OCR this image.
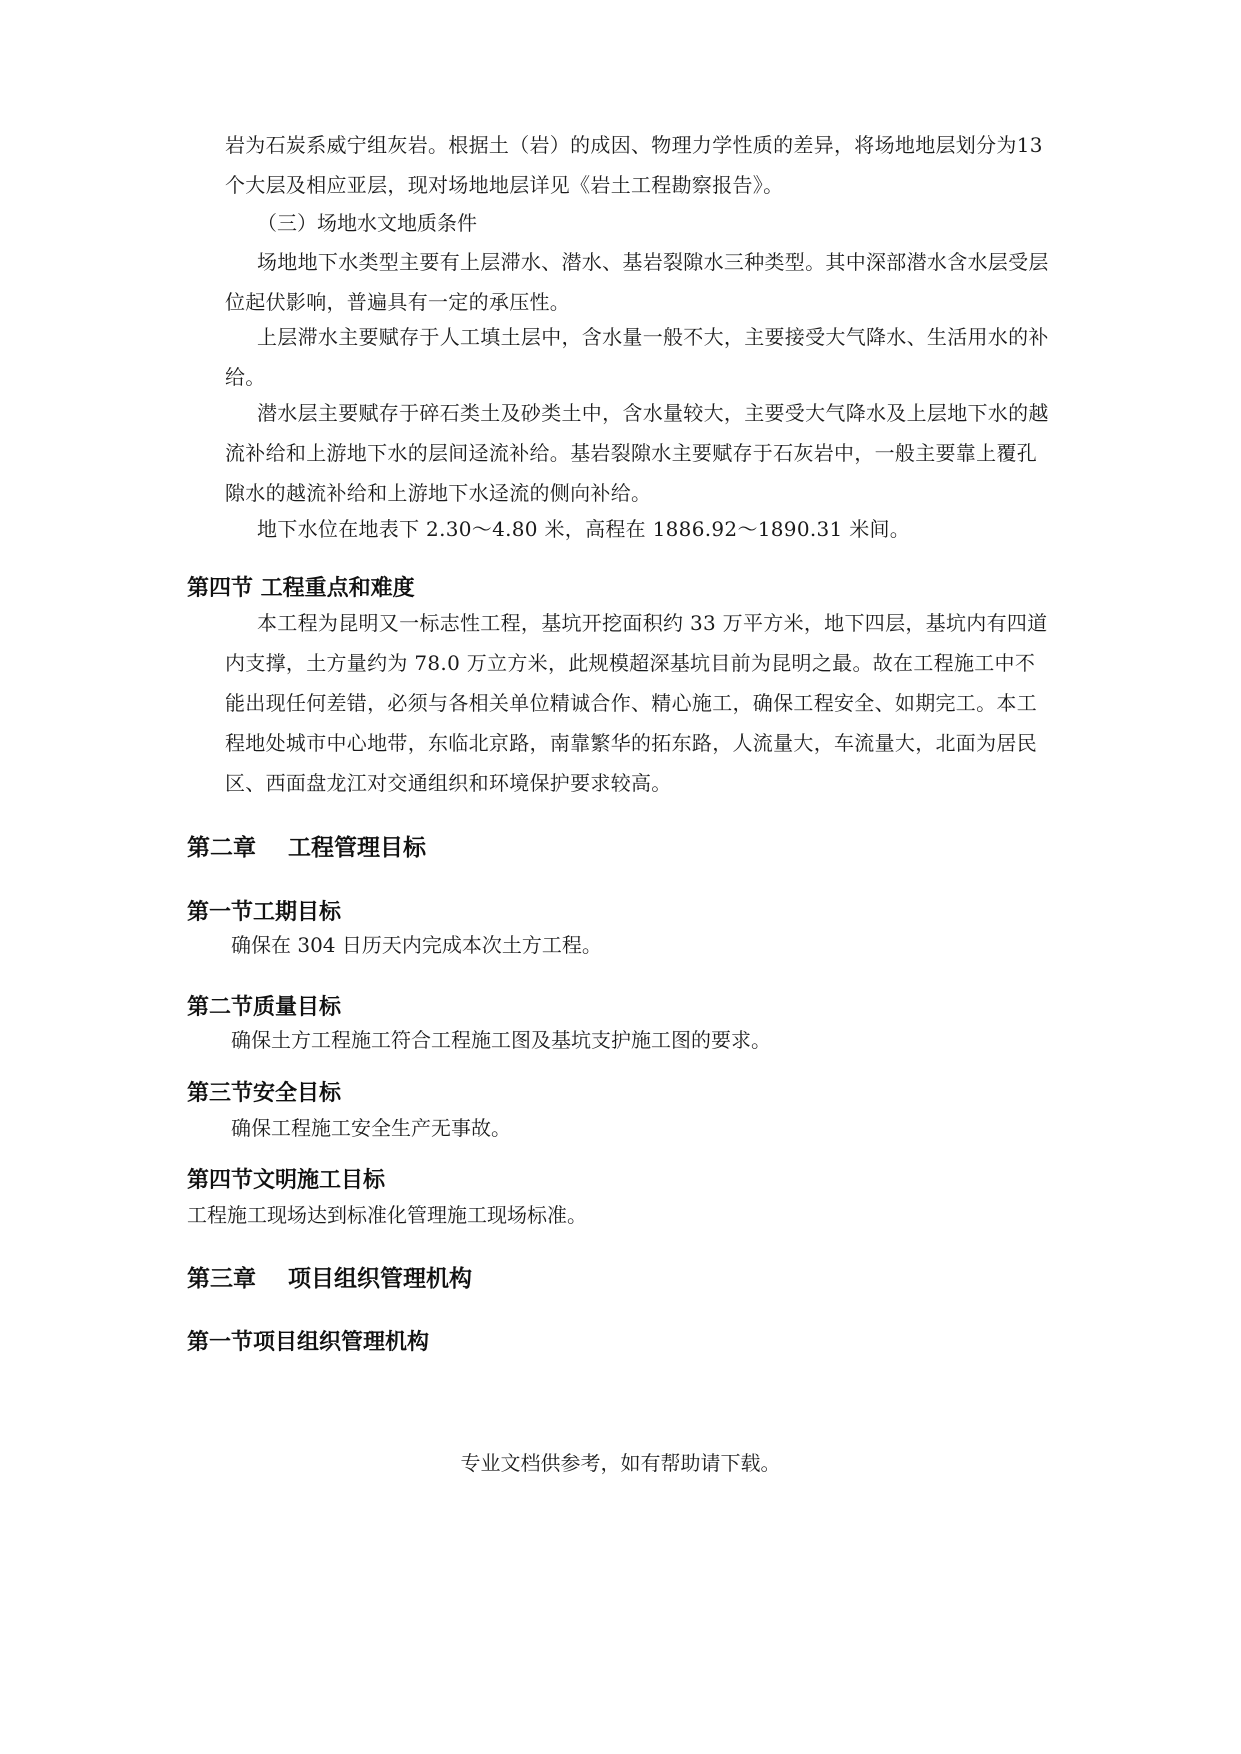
岩为石炭系威宁组灰岩。根据土（岩）的成因、物理力学性质的差异，将场地地层划分为13 个大层及相应亚层，现对场地地层详见《岩土工程勘察报告》。

（三）场地水文地质条件

场地地下水类型主要有上层滞水、潜水、基岩裂隙水三种类型。其中深部潜水含水层受层位起伏影响，普遍具有一定的承压性。

上层滞水主要赋存于人工填土层中，含水量一般不大，主要接受大气降水、生活用水的补给。

潜水层主要赋存于碎石类土及砂类土中，含水量较大，主要受大气降水及上层地下水的越流补给和上游地下水的层间迳流补给。基岩裂隙水主要赋存于石灰岩中，一般主要靠上覆孔隙水的越流补给和上游地下水迳流的侧向补给。

地下水位在地表下 2.30～4.80 米，高程在 1886.92～1890.31 米间。

第四节 工程重点和难度

本工程为昆明又一标志性工程，基坑开挖面积约 33 万平方米，地下四层，基坑内有四道内支撑，土方量约为 78.0 万立方米，此规模超深基坑目前为昆明之最。故在工程施工中不能出现任何差错，必须与各相关单位精诚合作、精心施工，确保工程安全、如期完工。本工程地处城市中心地带，东临北京路，南靠繁华的拓东路，人流量大，车流量大，北面为居民区、西面盘龙江对交通组织和环境保护要求较高。

第二章    工程管理目标
第一节工期目标

确保在 304 日历天内完成本次土方工程。

第二节质量目标

确保土方工程施工符合工程施工图及基坑支护施工图的要求。

第三节安全目标

确保工程施工安全生产无事故。

第四节文明施工目标

工程施工现场达到标准化管理施工现场标准。

第三章    项目组织管理机构
第一节项目组织管理机构

专业文档供参考，如有帮助请下载。
